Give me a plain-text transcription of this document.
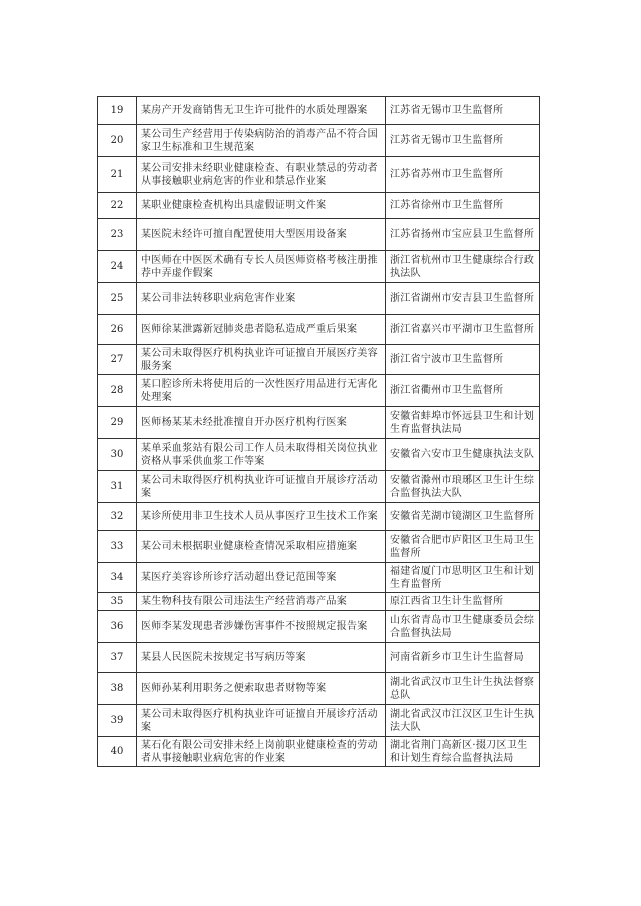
19	某房产开发商销售无卫生许可批件的水质处理器案	江苏省无锡市卫生监督所
20	某公司生产经营用于传染病防治的消毒产品不符合国家卫生标准和卫生规范案	江苏省无锡市卫生监督所
21	某公司安排未经职业健康检查、有职业禁忌的劳动者从事接触职业病危害的作业和禁忌作业案	江苏省苏州市卫生监督所
22	某职业健康检查机构出具虚假证明文件案	江苏省徐州市卫生监督所
23	某医院未经许可擅自配置使用大型医用设备案	江苏省扬州市宝应县卫生监督所
24	中医师在中医医术确有专长人员医师资格考核注册推荐中弄虚作假案	浙江省杭州市卫生健康综合行政执法队
25	某公司非法转移职业病危害作业案	浙江省湖州市安吉县卫生监督所
26	医师徐某泄露新冠肺炎患者隐私造成严重后果案	浙江省嘉兴市平湖市卫生监督所
27	某公司未取得医疗机构执业许可证擅自开展医疗美容服务案	浙江省宁波市卫生监督所
28	某口腔诊所未将使用后的一次性医疗用品进行无害化处理案	浙江省衢州市卫生监督所
29	医师杨某某未经批准擅自开办医疗机构行医案	安徽省蚌埠市怀远县卫生和计划生育监督执法局
30	某单采血浆站有限公司工作人员未取得相关岗位执业资格从事采供血浆工作等案	安徽省六安市卫生健康执法支队
31	某公司未取得医疗机构执业许可证擅自开展诊疗活动案	安徽省滁州市琅琊区卫生计生综合监督执法大队
32	某诊所使用非卫生技术人员从事医疗卫生技术工作案	安徽省芜湖市镜湖区卫生监督所
33	某公司未根据职业健康检查情况采取相应措施案	安徽省合肥市庐阳区卫生局卫生监督所
34	某医疗美容诊所诊疗活动超出登记范围等案	福建省厦门市思明区卫生和计划生育监督所
35	某生物科技有限公司违法生产经营消毒产品案	原江西省卫生计生监督所
36	医师李某发现患者涉嫌伤害事件不按照规定报告案	山东省青岛市卫生健康委员会综合监督执法局
37	某县人民医院未按规定书写病历等案	河南省新乡市卫生计生监督局
38	医师孙某利用职务之便索取患者财物等案	湖北省武汉市卫生计生执法督察总队
39	某公司未取得医疗机构执业许可证擅自开展诊疗活动案	湖北省武汉市江汉区卫生计生执法大队
40	某石化有限公司安排未经上岗前职业健康检查的劳动者从事接触职业病危害的作业案	湖北省荆门高新区·掇刀区卫生和计划生育综合监督执法局
